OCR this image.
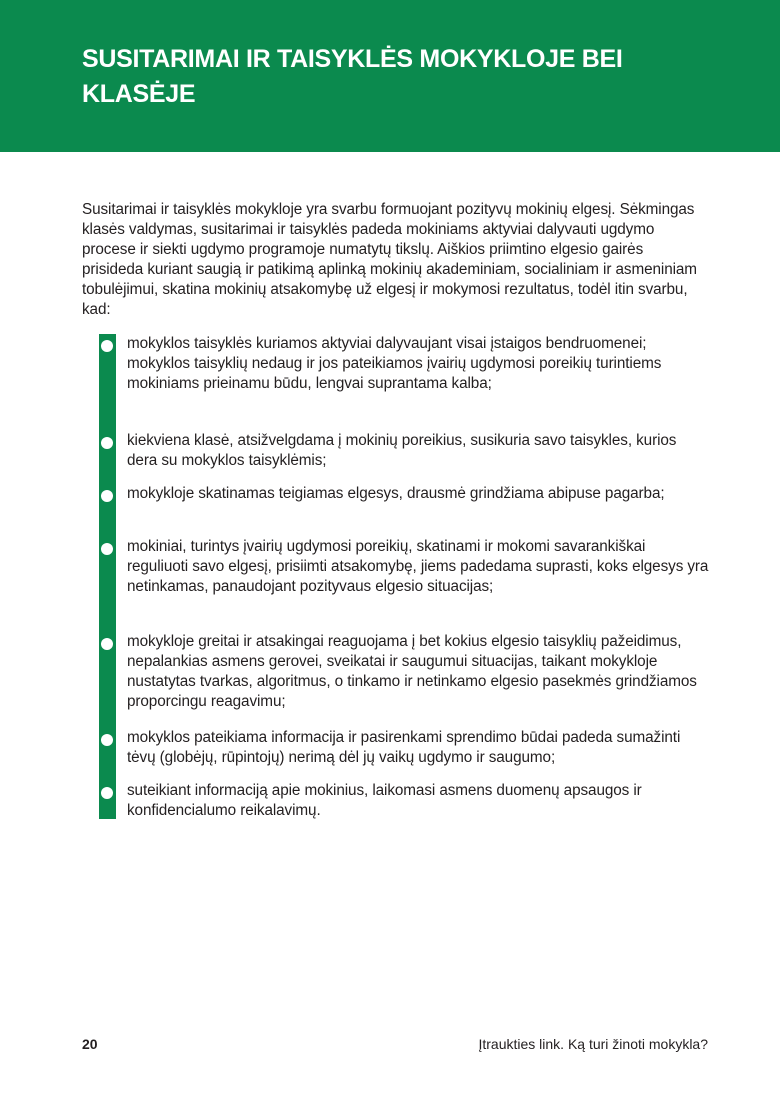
SUSITARIMAI IR TAISYKLĖS MOKYKLOJE BEI KLASĖJE

Susitarimai ir taisyklės mokykloje yra svarbu formuojant pozityvų mokinių elgesį. Sėkmingas klasės valdymas, susitarimai ir taisyklės padeda mokiniams aktyviai dalyvauti ugdymo procese ir siekti ugdymo programoje numatytų tikslų. Aiškios priimtino elgesio gairės prisideda kuriant saugią ir patikimą aplinką mokinių akademiniam, socialiniam ir asmeniniam tobulėjimui, skatina mokinių atsakomybę už elgesį ir mokymosi rezultatus, todėl itin svarbu, kad:

mokyklos taisyklės kuriamos aktyviai dalyvaujant visai įstaigos bendruomenei; mokyklos taisyklių nedaug ir jos pateikiamos įvairių ugdymosi poreikių turintiems mokiniams prieinamu būdu, lengvai suprantama kalba;
kiekviena klasė, atsižvelgdama į mokinių poreikius, susikuria savo taisykles, kurios dera su mokyklos taisyklėmis;
mokykloje skatinamas teigiamas elgesys, drausmė grindžiama abipuse pagarba;
mokiniai, turintys įvairių ugdymosi poreikių, skatinami ir mokomi savarankiškai reguliuoti savo elgesį, prisiimti atsakomybę, jiems padedama suprasti, koks elgesys yra netinkamas, panaudojant pozityvaus elgesio situacijas;
mokykloje greitai ir atsakingai reaguojama į bet kokius elgesio taisyklių pažeidimus, nepalankias asmens gerovei, sveikatai ir saugumui situacijas, taikant mokykloje nustatytas tvarkas, algoritmus, o tinkamo ir netinkamo elgesio pasekmės grindžiamos proporcingu reagavimu;
mokyklos pateikiama informacija ir pasirenkami sprendimo būdai padeda sumažinti tėvų (globėjų, rūpintojų) nerimą dėl jų vaikų ugdymo ir saugumo;
suteikiant informaciją apie mokinius, laikomasi asmens duomenų apsaugos ir konfidencialumo reikalavimų.
20	Įtraukties link. Ką turi žinoti mokykla?
